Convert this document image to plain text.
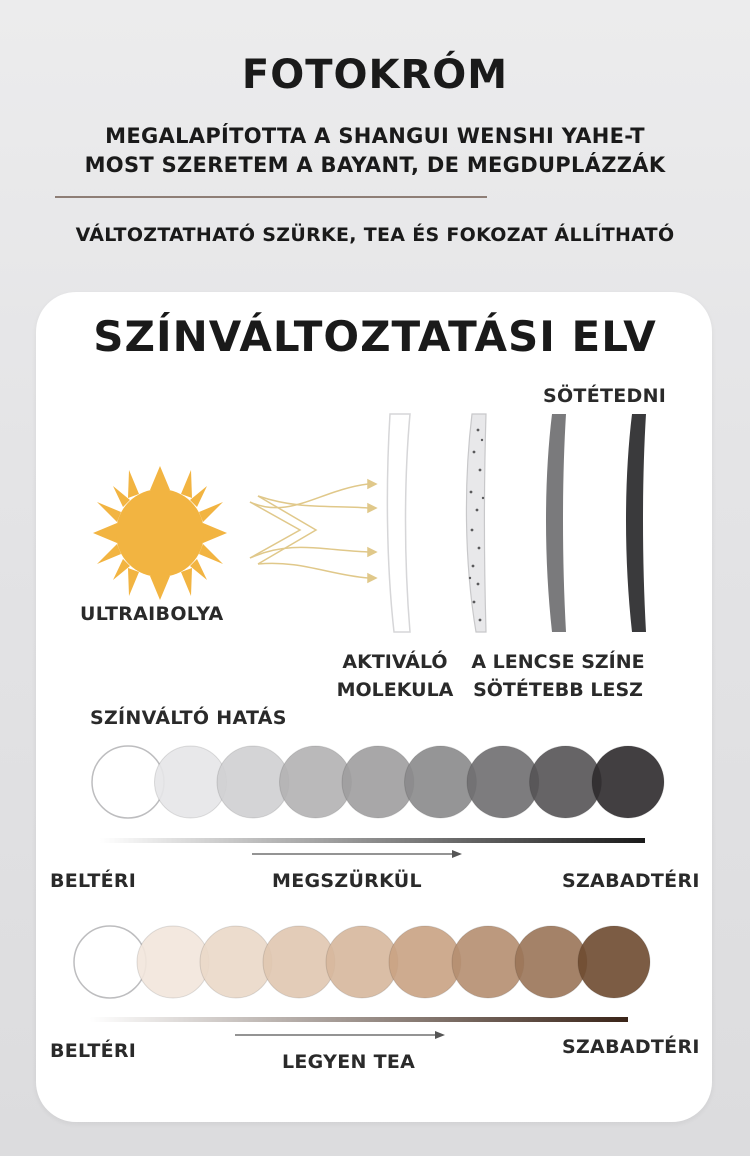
FOTOKRÓM
MEGALAPÍTOTTA A SHANGUI WENSHI YAHE-T
MOST SZERETEM A BAYANT, DE MEGDUPLÁZZÁK
VÁLTOZTATHATÓ SZÜRKE, TEA ÉS FOKOZAT ÁLLÍTHATÓ
SZÍNVÁLTOZTATÁSI ELV
SÖTÉTEDNI
ULTRAIBOLYA
AKTIVÁLÓ
MOLEKULA
A LENCSE SZÍNE
SÖTÉTEBB LESZ
SZÍNVÁLTÓ HATÁS
BELTÉRI	MEGSZÜRKÜL	SZABADTÉRI
BELTÉRI	LEGYEN TEA
SZABADTÉRI
